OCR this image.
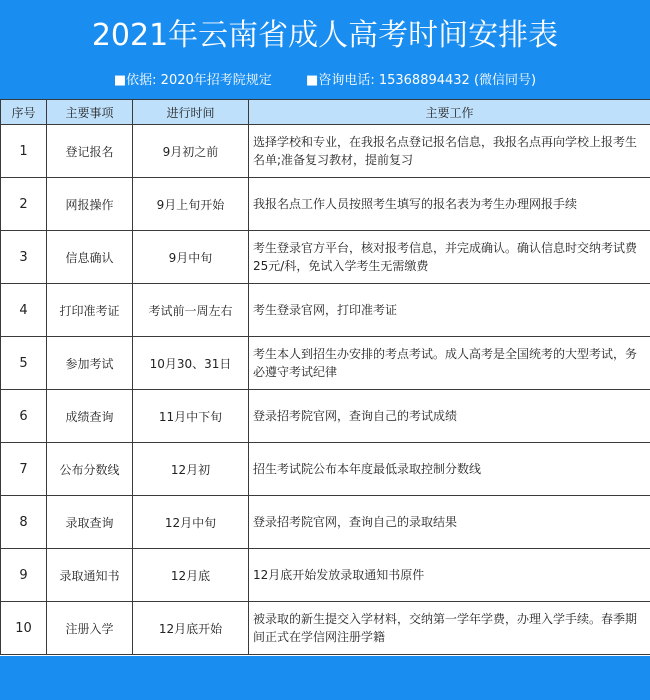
2021年云南省成人高考时间安排表
■依据: 2020年招考院规定	■咨询电话: 15368894432 (微信同号)
序号	主要事项	进行时间	主要工作
1	登记报名	9月初之前	选择学校和专业，在我报名点登记报名信息，我报名点再向学校上报考生名单;准备复习教材，提前复习
2	网报操作	9月上旬开始	我报名点工作人员按照考生填写的报名表为考生办理网报手续
3	信息确认	9月中旬	考生登录官方平台，核对报考信息，并完成确认。确认信息时交纳考试费25元/科，免试入学考生无需缴费
4	打印准考证	考试前一周左右	考生登录官网，打印准考证
5	参加考试	10月30、31日	考生本人到招生办安排的考点考试。成人高考是全国统考的大型考试，务必遵守考试纪律
6	成绩查询	11月中下旬	登录招考院官网，查询自己的考试成绩
7	公布分数线	12月初	招生考试院公布本年度最低录取控制分数线
8	录取查询	12月中旬	登录招考院官网，查询自己的录取结果
9	录取通知书	12月底	12月底开始发放录取通知书原件
10	注册入学	12月底开始	被录取的新生提交入学材料，交纳第一学年学费，办理入学手续。春季期间正式在学信网注册学籍
